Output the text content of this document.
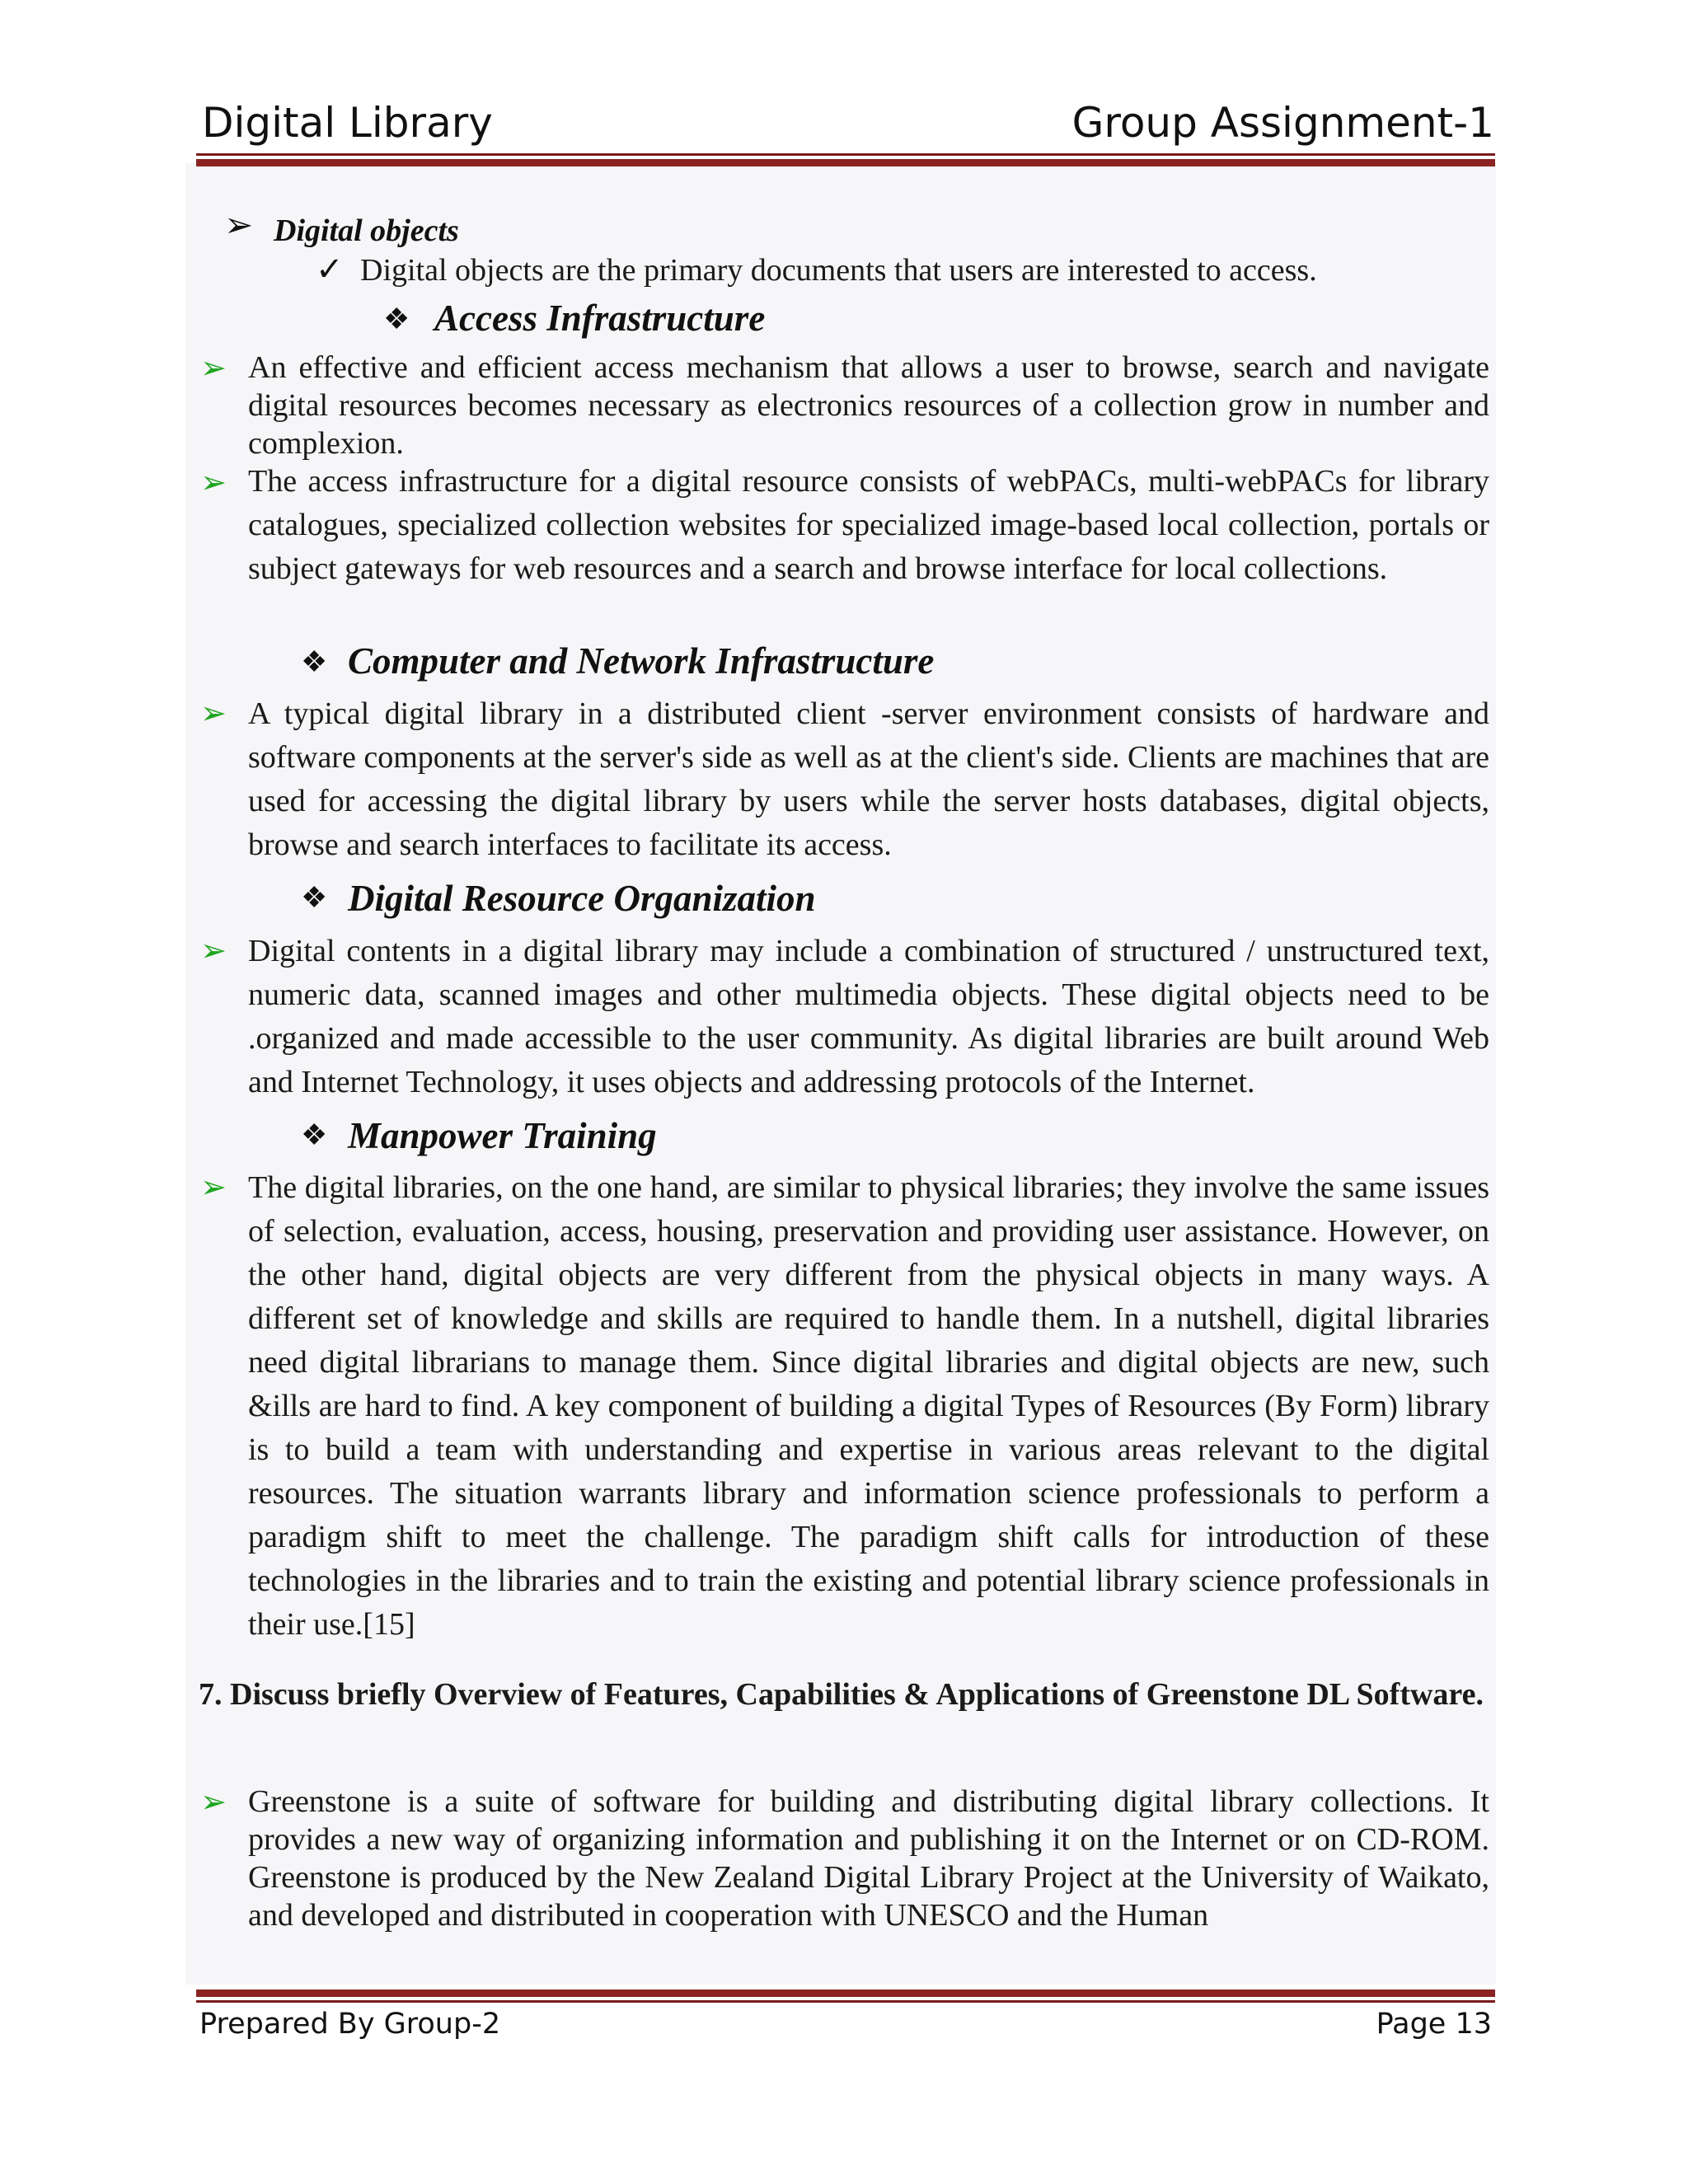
Digital Library	Group Assignment-1
➢ Digital objects
✓ Digital objects are the primary documents that users are interested to access.
❖ Access Infrastructure
➢ An effective and efficient access mechanism that allows a user to browse, search and navigate digital resources becomes necessary as electronics resources of a collection grow in number and complexion.

➢ The access infrastructure for a digital resource consists of webPACs, multi-webPACs for library catalogues, specialized collection websites for specialized image-based local collection, portals or subject gateways for web resources and a search and browse interface for local collections.

❖ Computer and Network Infrastructure
➢ A typical digital library in a distributed client -server environment consists of hardware and software components at the server's side as well as at the client's side. Clients are machines that are used for accessing the digital library by users while the server hosts databases, digital objects, browse and search interfaces to facilitate its access.

❖ Digital Resource Organization
➢ Digital contents in a digital library may include a combination of structured / unstructured text, numeric data, scanned images and other multimedia objects. These digital objects need to be .organized and made accessible to the user community. As digital libraries are built around Web and Internet Technology, it uses objects and addressing protocols of the Internet.

❖ Manpower Training
➢ The digital libraries, on the one hand, are similar to physical libraries; they involve the same issues of selection, evaluation, access, housing, preservation and providing user assistance. However, on the other hand, digital objects are very different from the physical objects in many ways. A different set of knowledge and skills are required to handle them. In a nutshell, digital libraries need digital librarians to manage them. Since digital libraries and digital objects are new, such &ills are hard to find. A key component of building a digital Types of Resources (By Form) library is to build a team with understanding and expertise in various areas relevant to the digital resources. The situation warrants library and information science professionals to perform a paradigm shift to meet the challenge. The paradigm shift calls for introduction of these technologies in the libraries and to train the existing and potential library science professionals in their use.[15]

7. Discuss briefly Overview of Features, Capabilities & Applications of Greenstone DL Software.

➢ Greenstone is a suite of software for building and distributing digital library collections. It provides a new way of organizing information and publishing it on the Internet or on CD-ROM. Greenstone is produced by the New Zealand Digital Library Project at the University of Waikato, and developed and distributed in cooperation with UNESCO and the Human

Prepared By Group-2	Page 13
